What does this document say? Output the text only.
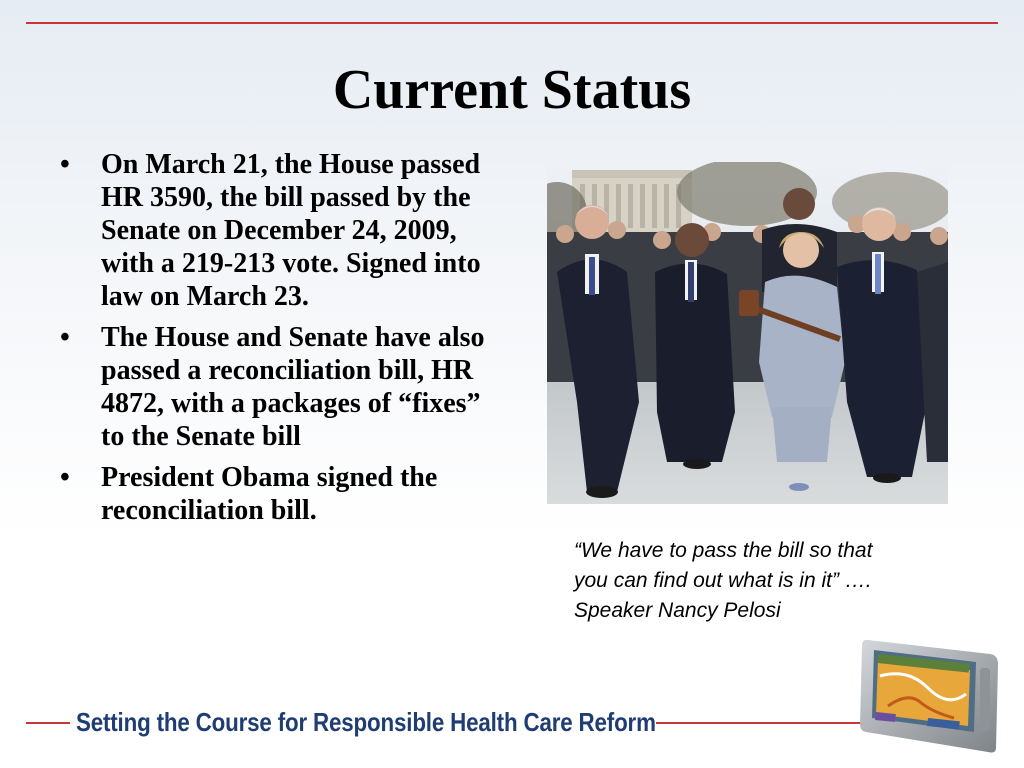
Current Status
• On March 21, the House passed HR 3590, the bill passed by the Senate on December 24, 2009, with a 219-213 vote. Signed into law on March 23.
• The House and Senate have also passed a reconciliation bill, HR 4872, with a packages of “fixes” to the Senate bill
• President Obama signed the reconciliation bill.
“We have to pass the bill so that you can find out what is in it” …. Speaker Nancy Pelosi
Setting the Course for Responsible Health Care Reform
